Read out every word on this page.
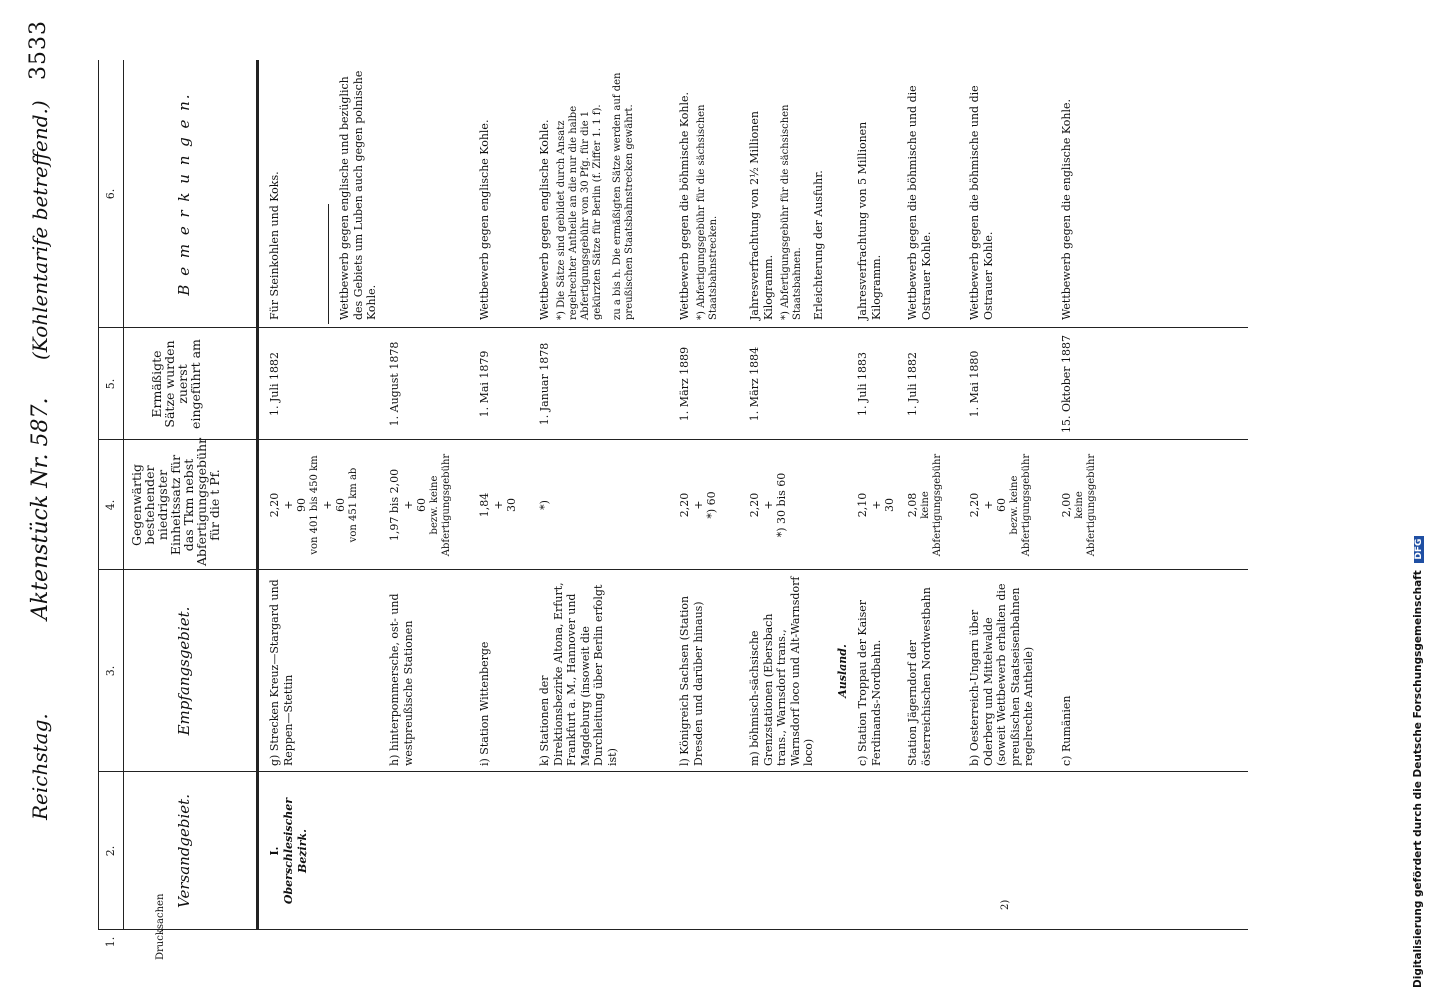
Reichstag.
Aktenstück Nr. 587.
(Kohlentarife betreffend.)
3533
2.
3.
4.
5.
6.
1.
Versandgebiet.
Empfangsgebiet.
Gegenwärtig bestehender niedrigster Einheitssatz für das Tkm nebst Abfertigungsgebühr für die t Pf.
Ermäßigte Sätze wurden zuerst eingeführt am
B e m e r k u n g e n.
I. Oberschlesischer Bezirk.
Drucksachen
g) Strecken Kreuz—Stargard und Reppen—Stettin
2,20 + 90 von 401 bis 450 km + 60 von 451 km ab
1. Juli 1882
Für Steinkohlen und Koks.	Wettbewerb gegen englische und bezüglich des Gebiets um Luben auch gegen polnische Kohle.
h) hinterpommersche, ost- und westpreußische Stationen
1,97 bis 2,00 + 60 bezw. keine Abfertigungsgebühr
1. August 1878
i) Station Wittenberge
1,84 + 30
1. Mai 1879
Wettbewerb gegen englische Kohle.
k) Stationen der Direktionsbezirke Altona, Erfurt, Frankfurt a. M., Hannover und Magdeburg (insoweit die Durchleitung über Berlin erfolgt ist)
*)
1. Januar 1878
Wettbewerb gegen englische Kohle. *) Die Sätze sind gebildet durch Ansatz regelrechter Antheile an die nur die halbe Abfertigungsgebühr von 30 Pfg. für die 1 gekürzten Sätze für Berlin (f. Ziffer 1. 1 f). zu a bis h. Die ermäßigten Sätze werden auf den preußischen Staatsbahnstrecken gewährt.
l) Königreich Sachsen (Station Dresden und darüber hinaus)
2,20 + *) 60
1. März 1889
Wettbewerb gegen die böhmische Kohle. *) Abfertigungsgebühr für die sächsischen Staatsbahnstrecken.
m) böhmisch-sächsische Grenzstationen (Ebersbach trans., Warnsdorf trans., Warnsdorf loco und Alt-Warnsdorf loco)
2,20 + *) 30 bis 60
1. März 1884
Jahresverfrachtung von 2½ Millionen Kilogramm. *) Abfertigungsgebühr für die sächsischen Staatsbahnen. Erleichterung der Ausfuhr.
Ausland. c) Station Troppau der Kaiser Ferdinands-Nordbahn.
2,10 + 30
1. Juli 1883
Jahresverfrachtung von 5 Millionen Kilogramm.
Station Jägerndorf der österreichischen Nordwestbahn
2,08 keine Abfertigungsgebühr
1. Juli 1882
Wettbewerb gegen die böhmische und die Ostrauer Kohle.
b) Oesterreich-Ungarn über Oderberg und Mittelwalde (soweit Wettbewerb erhalten die preußischen Staatseisenbahnen regelrechte Antheile)
2,20 + 60 bezw. keine Abfertigungsgebühr
1. Mai 1880
Wettbewerb gegen die böhmische und die Ostrauer Kohle.
c) Rumänien
2,00 keine Abfertigungsgebühr
15. Oktober 1887
Wettbewerb gegen die englische Kohle.
2)	Digitalisierung gefördert durch die Deutsche Forschungsgemeinschaft DFG
